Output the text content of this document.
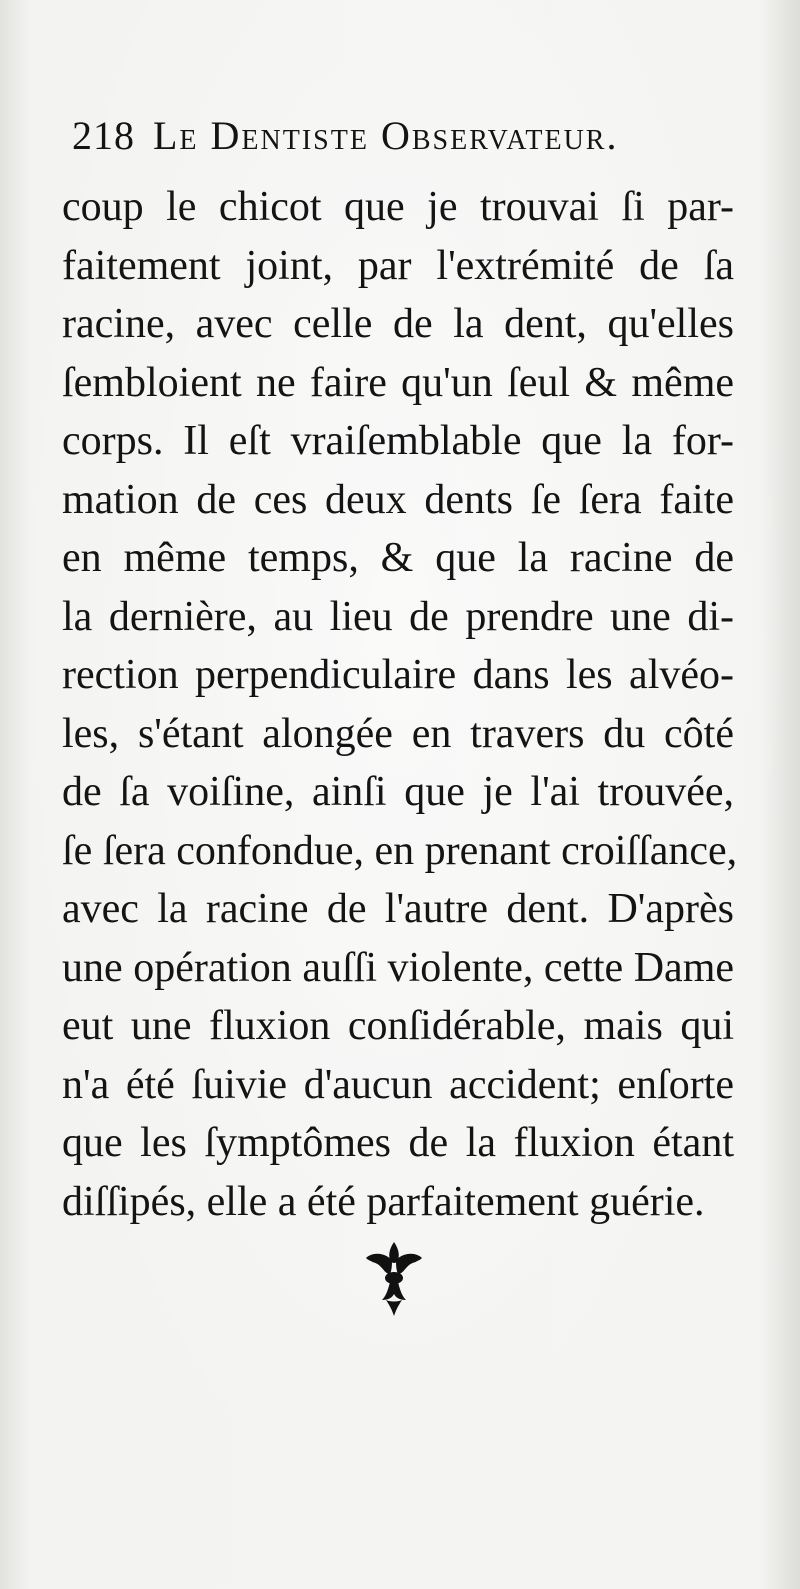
218 Le Dentiste Observateur.
coup le chicot que je trouvai ſi par-
faitement joint, par l'extrémité de ſa
racine, avec celle de la dent, qu'elles
ſembloient ne faire qu'un ſeul & même
corps. Il eſt vraiſemblable que la for-
mation de ces deux dents ſe ſera faite
en même temps, & que la racine de
la dernière, au lieu de prendre une di-
rection perpendiculaire dans les alvéo-
les, s'étant alongée en travers du côté
de ſa voiſine, ainſi que je l'ai trouvée,
ſe ſera confondue, en prenant croiſſance,
avec la racine de l'autre dent. D'après
une opération auſſi violente, cette Dame
eut une fluxion conſidérable, mais qui
n'a été ſuivie d'aucun accident; enſorte
que les ſymptômes de la fluxion étant
diſſipés, elle a été parfaitement guérie.
